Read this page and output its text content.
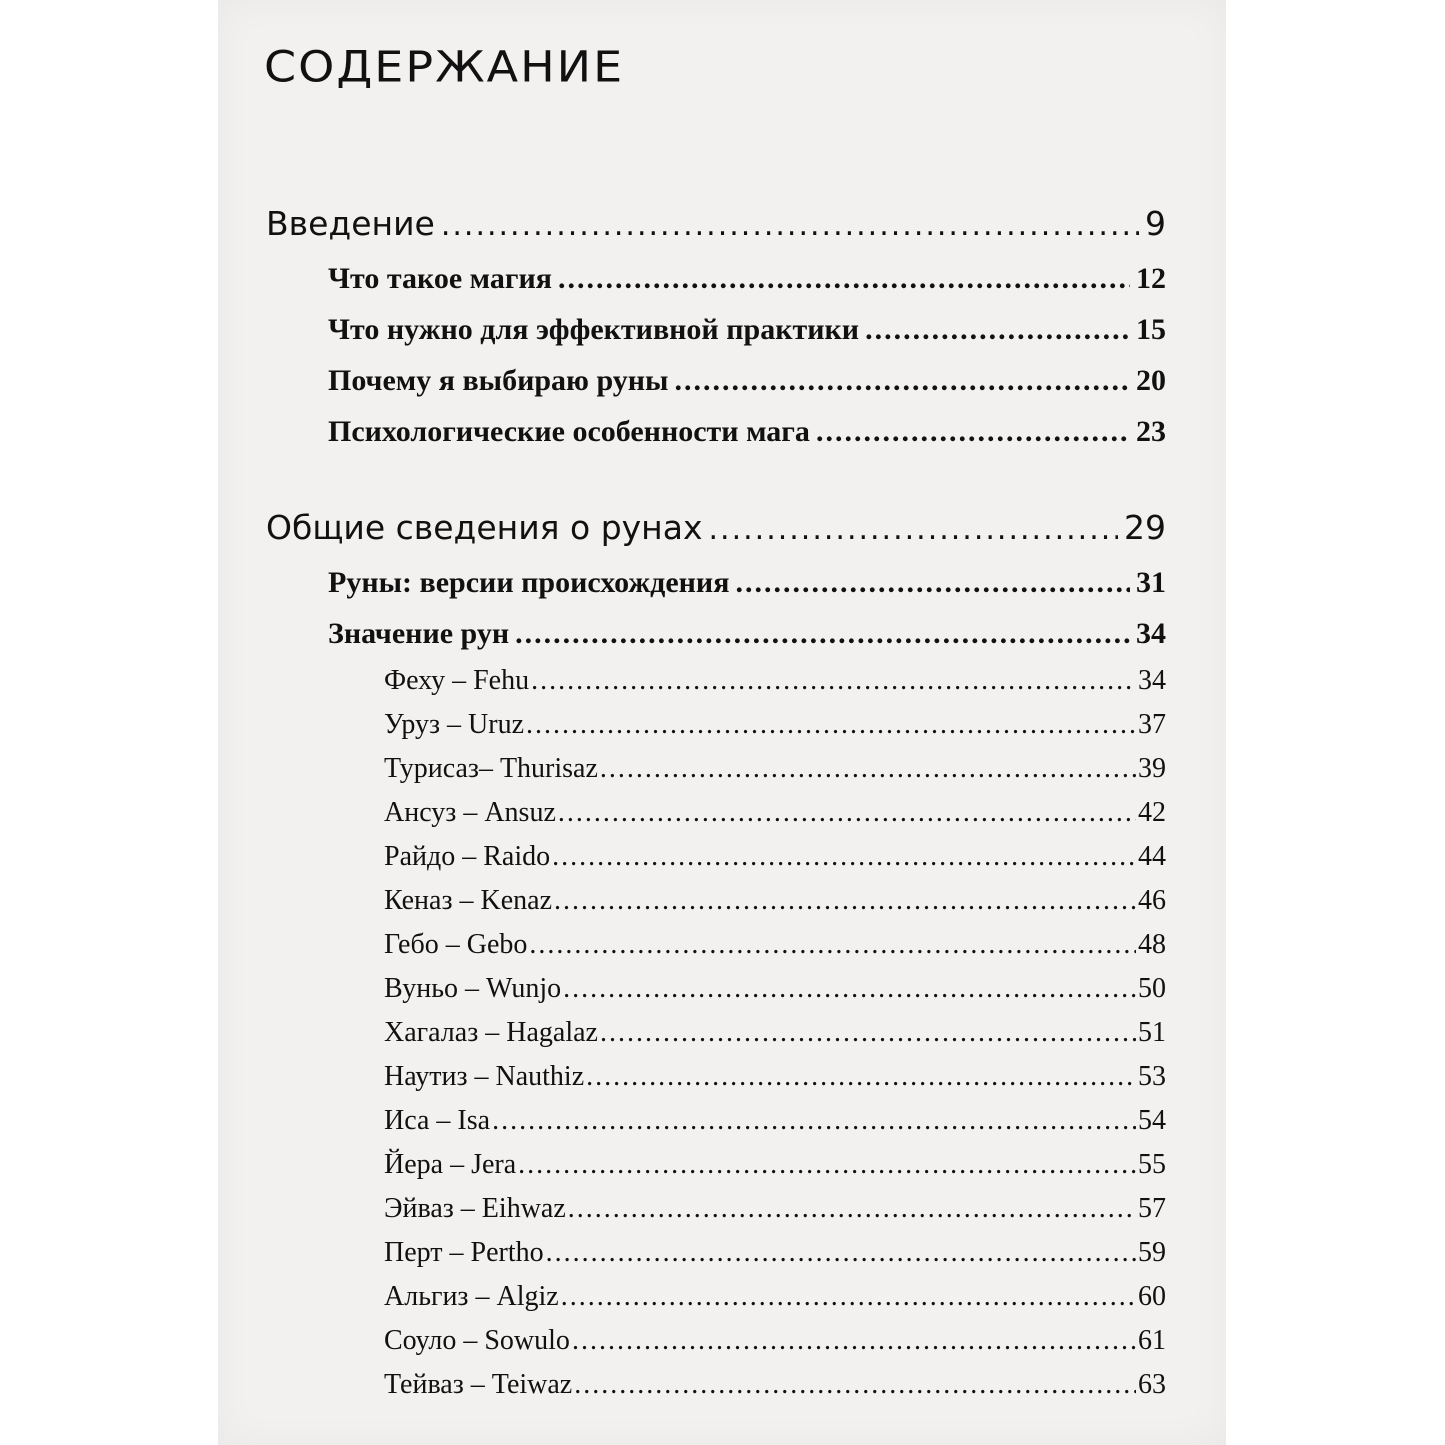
СОДЕРЖАНИЕ
Введение .....	9
Что такое магия .....	12
Что нужно для эффективной практики .....	15
Почему я выбираю руны .....	20
Психологические особенности мага .....	23
Общие сведения о рунах .....	29
Руны: версии происхождения .....	31
Значение рун .....	34
Феху – Fehu .....	34
Уруз – Uruz .....	37
Турисаз– Thurisaz .....	39
Ансуз – Ansuz .....	42
Райдо – Raido .....	44
Кеназ – Kenaz .....	46
Гебо – Gebo .....	48
Вуньо – Wunjo .....	50
Хагалаз – Hagalaz .....	51
Наутиз – Nauthiz .....	53
Иса – Isa .....	54
Йера – Jera .....	55
Эйваз – Eihwaz .....	57
Перт – Pertho .....	59
Альгиз – Algiz .....	60
Соуло – Sowulo .....	61
Тейваз – Teiwaz .....	63
